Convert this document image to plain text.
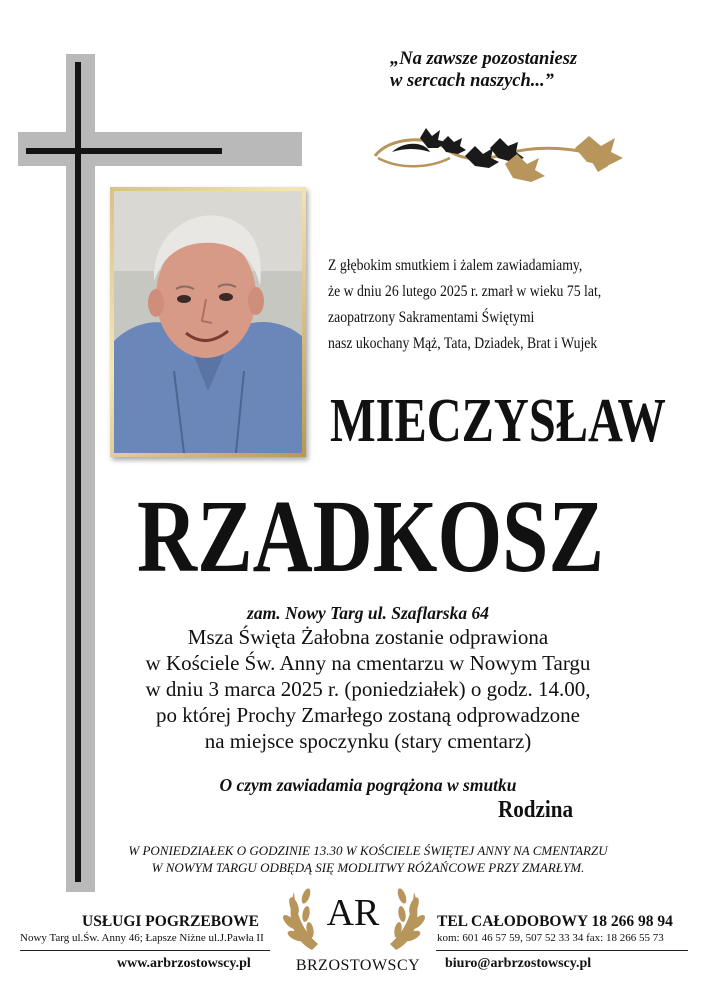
„Na zawsze pozostaniesz
w sercach naszych...”
Z głębokim smutkiem i żalem zawiadamiamy,
że w dniu 26 lutego 2025 r. zmarł w wieku 75 lat,
zaopatrzony Sakramentami Świętymi
nasz ukochany Mąż, Tata, Dziadek, Brat i Wujek
MIECZYSŁAW
RZADKOSZ
zam. Nowy Targ ul. Szaflarska 64
Msza Święta Żałobna zostanie odprawiona
w Kościele Św. Anny na cmentarzu w Nowym Targu
w dniu 3 marca 2025 r. (poniedziałek) o godz. 14.00,
po której Prochy Zmarłego zostaną odprowadzone
na miejsce spoczynku (stary cmentarz)
O czym zawiadamia pogrążona w smutku
Rodzina
W PONIEDZIAŁEK O GODZINIE 13.30 W KOŚCIELE ŚWIĘTEJ ANNY NA CMENTARZU
W NOWYM TARGU ODBĘDĄ SIĘ MODLITWY RÓŻAŃCOWE PRZY ZMARŁYM.
USŁUGI POGRZEBOWE
Nowy Targ ul.Św. Anny 46; Łapsze Niżne ul.J.Pawła II
www.arbrzostowscy.pl
AR
BRZOSTOWSCY
TEL CAŁODOBOWY 18 266 98 94
kom: 601 46 57 59, 507 52 33 34 fax: 18 266 55 73
biuro@arbrzostowscy.pl
